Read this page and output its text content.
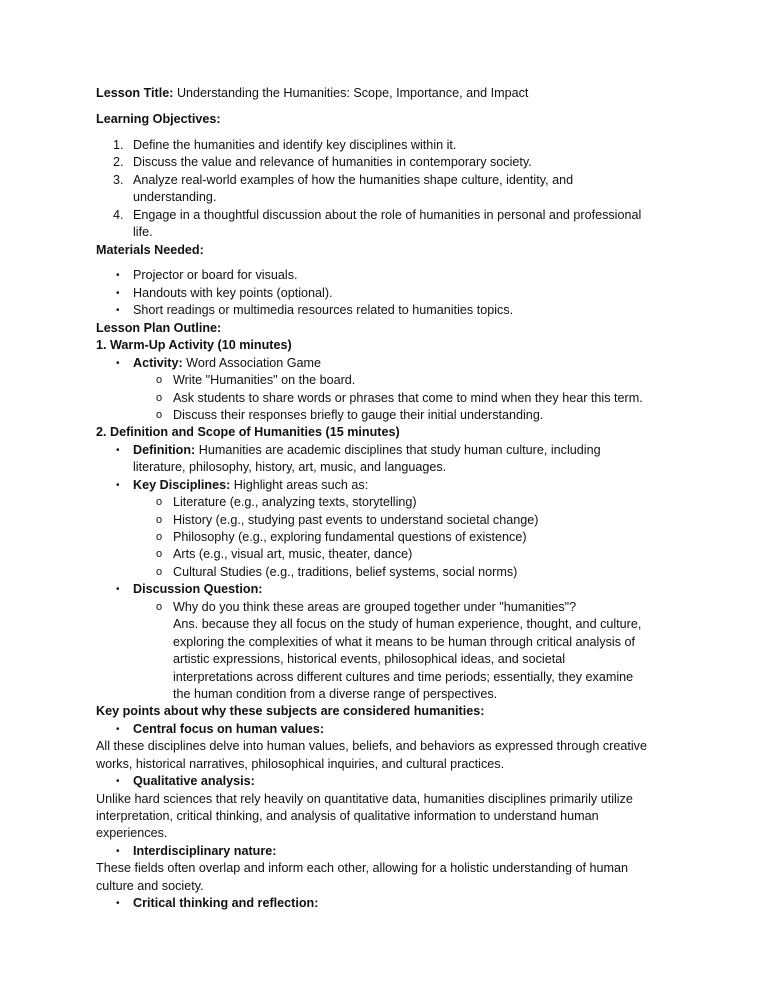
Lesson Title: Understanding the Humanities: Scope, Importance, and Impact
Learning Objectives:
1. Define the humanities and identify key disciplines within it.
2. Discuss the value and relevance of humanities in contemporary society.
3. Analyze real-world examples of how the humanities shape culture, identity, and
understanding.
4. Engage in a thoughtful discussion about the role of humanities in personal and professional
life.
Materials Needed:
• Projector or board for visuals.
• Handouts with key points (optional).
• Short readings or multimedia resources related to humanities topics.
Lesson Plan Outline:
1. Warm-Up Activity (10 minutes)
• Activity: Word Association Game
o Write "Humanities" on the board.
o Ask students to share words or phrases that come to mind when they hear this term.
o Discuss their responses briefly to gauge their initial understanding.
2. Definition and Scope of Humanities (15 minutes)
• Definition: Humanities are academic disciplines that study human culture, including
literature, philosophy, history, art, music, and languages.
• Key Disciplines: Highlight areas such as:
o Literature (e.g., analyzing texts, storytelling)
o History (e.g., studying past events to understand societal change)
o Philosophy (e.g., exploring fundamental questions of existence)
o Arts (e.g., visual art, music, theater, dance)
o Cultural Studies (e.g., traditions, belief systems, social norms)
• Discussion Question:
o Why do you think these areas are grouped together under "humanities"?
Ans. because they all focus on the study of human experience, thought, and culture,
exploring the complexities of what it means to be human through critical analysis of
artistic expressions, historical events, philosophical ideas, and societal
interpretations across different cultures and time periods; essentially, they examine
the human condition from a diverse range of perspectives.
Key points about why these subjects are considered humanities:
• Central focus on human values:
All these disciplines delve into human values, beliefs, and behaviors as expressed through creative
works, historical narratives, philosophical inquiries, and cultural practices.
• Qualitative analysis:
Unlike hard sciences that rely heavily on quantitative data, humanities disciplines primarily utilize
interpretation, critical thinking, and analysis of qualitative information to understand human
experiences.
• Interdisciplinary nature:
These fields often overlap and inform each other, allowing for a holistic understanding of human
culture and society.
• Critical thinking and reflection:
